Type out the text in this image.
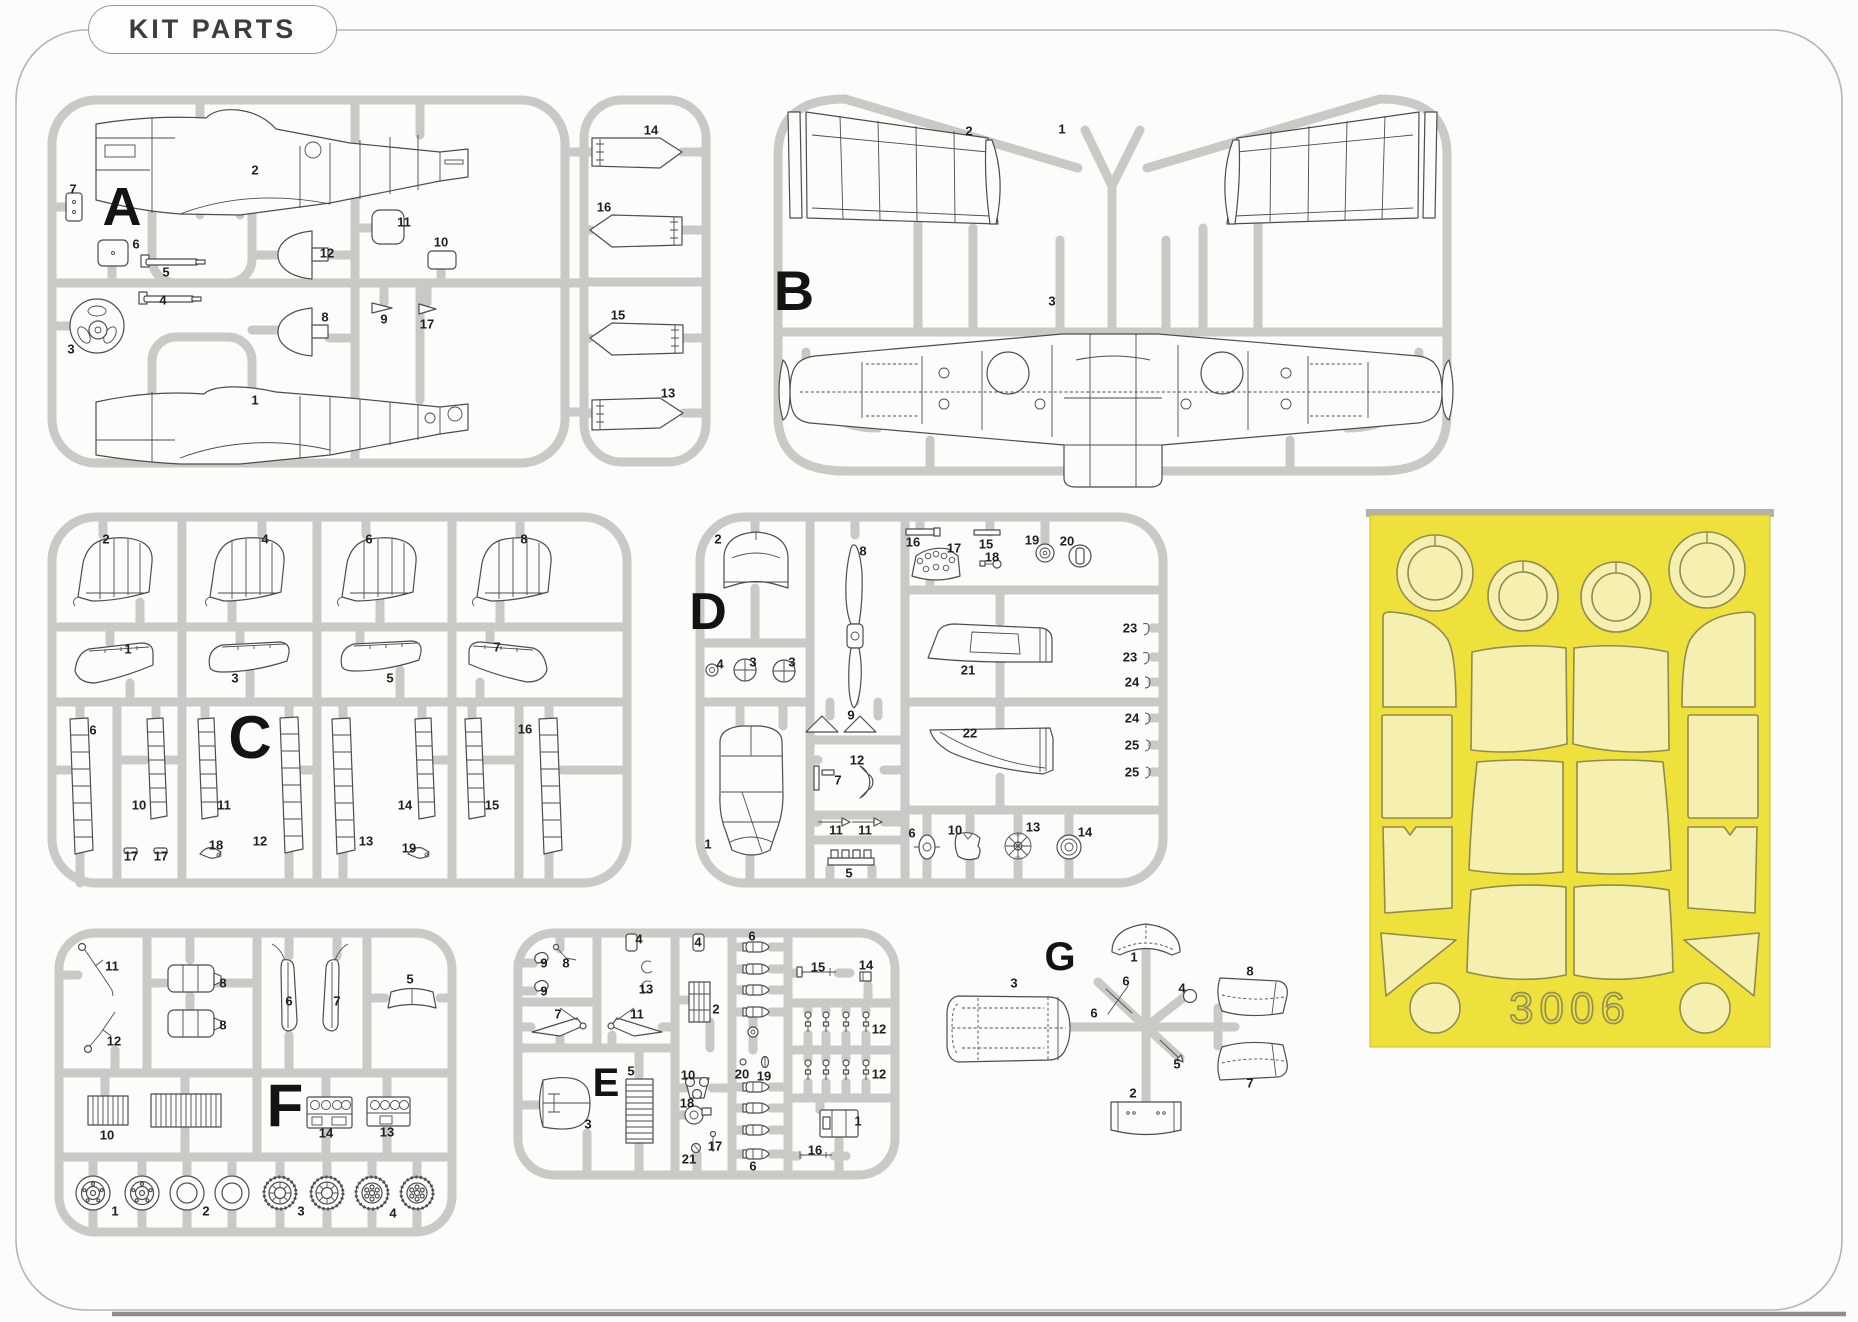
3006
KIT PARTS
A
7
2
6
5
4
3
12
8
11
10
9 17
1
14
16
15
13
B
2	1
3
C
2	4	6	8
1
3	5
7
6	16
10	11	14	15
12	13
17 17
18	19
D
2
8
16 17 15
18
19 20
4 3 3
21
23
23
24
24
25
25
9
12
7
11 11
5
1
22
6 10	13	14
E
9 8
9
7	11
4
13
4
2
6
15	14
12
12
5	10
18
3
17
21
20 19
6
16
1
F
11
12
8
8
6	7
5
10	14	13
1	2	3	4
G
3
1
6
6
4
5
2
8
7
